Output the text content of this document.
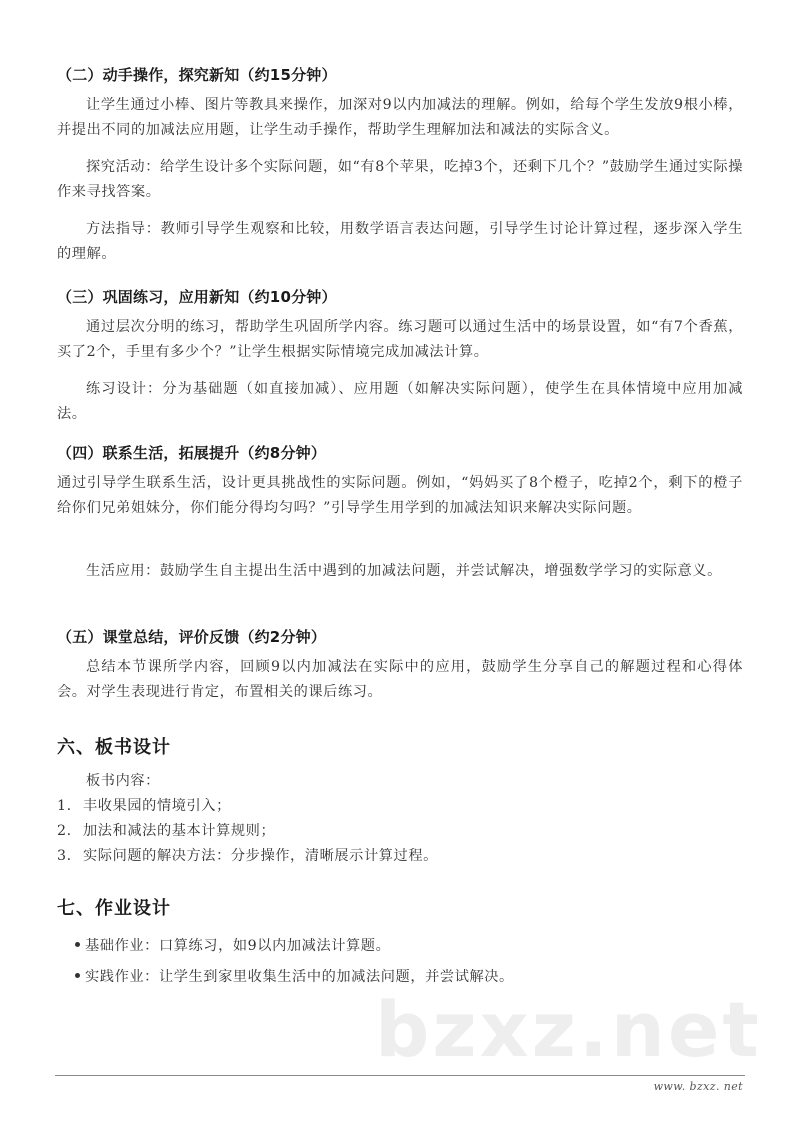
（二）动手操作，探究新知（约15分钟）
让学生通过小棒、图片等教具来操作，加深对9以内加减法的理解。例如，给每个学生发放9根小棒，并提出不同的加减法应用题，让学生动手操作，帮助学生理解加法和减法的实际含义。
探究活动：给学生设计多个实际问题，如“有8个苹果，吃掉3个，还剩下几个？”鼓励学生通过实际操作来寻找答案。
方法指导：教师引导学生观察和比较，用数学语言表达问题，引导学生讨论计算过程，逐步深入学生的理解。
（三）巩固练习，应用新知（约10分钟）
通过层次分明的练习，帮助学生巩固所学内容。练习题可以通过生活中的场景设置，如“有7个香蕉，买了2个，手里有多少个？”让学生根据实际情境完成加减法计算。
练习设计：分为基础题（如直接加减）、应用题（如解决实际问题），使学生在具体情境中应用加减法。
（四）联系生活，拓展提升（约8分钟）
通过引导学生联系生活，设计更具挑战性的实际问题。例如，“妈妈买了8个橙子，吃掉2个，剩下的橙子给你们兄弟姐妹分，你们能分得均匀吗？”引导学生用学到的加减法知识来解决实际问题。
生活应用：鼓励学生自主提出生活中遇到的加减法问题，并尝试解决，增强数学学习的实际意义。
（五）课堂总结，评价反馈（约2分钟）
总结本节课所学内容，回顾9以内加减法在实际中的应用，鼓励学生分享自己的解题过程和心得体会。对学生表现进行肯定，布置相关的课后练习。
六、板书设计
板书内容：
1. 丰收果园的情境引入；
2. 加法和减法的基本计算规则；
3. 实际问题的解决方法：分步操作，清晰展示计算过程。
七、作业设计
基础作业：口算练习，如9以内加减法计算题。
实践作业：让学生到家里收集生活中的加减法问题，并尝试解决。
bzxz.net
www. bzxz. net
